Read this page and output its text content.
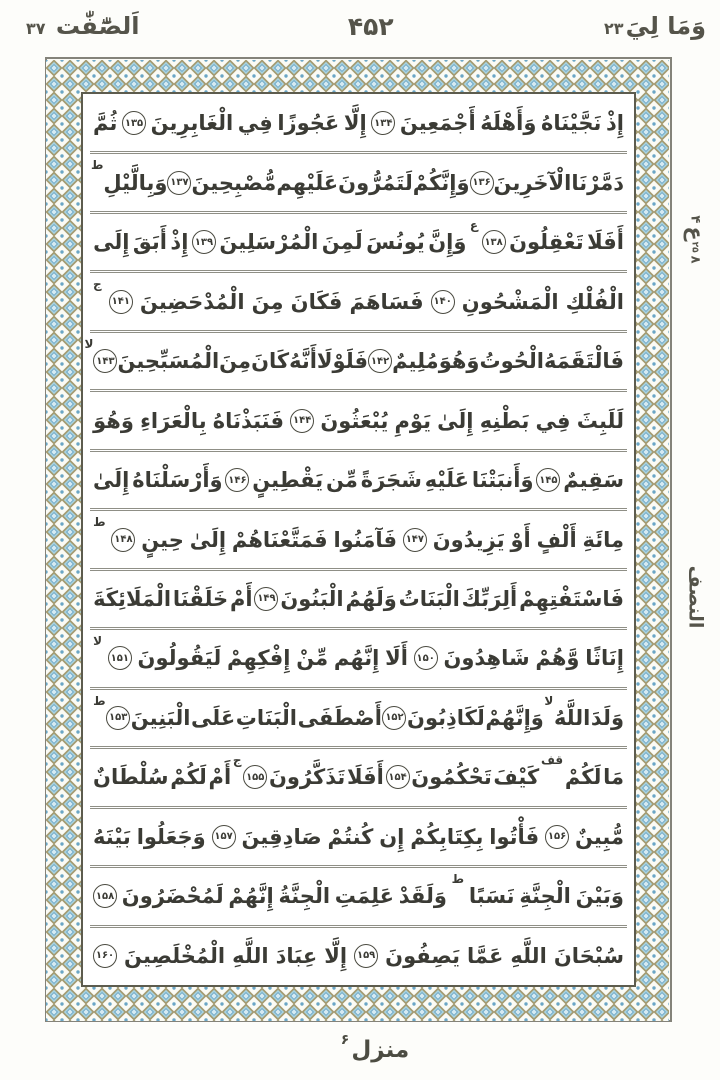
وَمَا لِيَ۲۳
۴۵۲
اَلصّٰٓفّٰت ۳۷
إِذْ
نَجَّيْنَاهُ
وَأَهْلَهُ
أَجْمَعِينَ
۱۳۴
إِلَّا
عَجُوزًا
فِي
الْغَابِرِينَ
۱۳۵
ثُمَّ
دَمَّرْنَا
الْآخَرِينَ
۱۳۶
وَإِنَّكُمْ
لَتَمُرُّونَ
عَلَيْهِم
مُّصْبِحِينَ
۱۳۷
وَبِالَّيْلِ
ط
أَفَلَا
تَعْقِلُونَ
۱۳۸
ع
وَإِنَّ
يُونُسَ
لَمِنَ
الْمُرْسَلِينَ
۱۳۹
إِذْ
أَبَقَ
إِلَى
الْفُلْكِ
الْمَشْحُونِ
۱۴۰
فَسَاهَمَ
فَكَانَ
مِنَ
الْمُدْحَضِينَ
۱۴۱
ج
فَالْتَقَمَهُ
الْحُوتُ
وَهُوَ
مُلِيمٌ
۱۴۲
فَلَوْلَا
أَنَّهُ
كَانَ
مِنَ
الْمُسَبِّحِينَ
۱۴۳
لا
لَلَبِثَ
فِي
بَطْنِهِ
إِلَىٰ
يَوْمِ
يُبْعَثُونَ
۱۴۴
فَنَبَذْنَاهُ
بِالْعَرَاءِ
وَهُوَ
سَقِيمٌ
۱۴۵
وَأَنبَتْنَا
عَلَيْهِ
شَجَرَةً
مِّن
يَقْطِينٍ
۱۴۶
وَأَرْسَلْنَاهُ
إِلَىٰ
مِائَةِ
أَلْفٍ
أَوْ
يَزِيدُونَ
۱۴۷
فَآمَنُوا
فَمَتَّعْنَاهُمْ
إِلَىٰ
حِينٍ
۱۴۸
ط
فَاسْتَفْتِهِمْ
أَلِرَبِّكَ
الْبَنَاتُ
وَلَهُمُ
الْبَنُونَ
۱۴۹
أَمْ
خَلَقْنَا
الْمَلَائِكَةَ
إِنَاثًا
وَّهُمْ
شَاهِدُونَ
۱۵۰
أَلَا
إِنَّهُم
مِّنْ
إِفْكِهِمْ
لَيَقُولُونَ
۱۵۱
لا
وَلَدَ
اللَّهُ
لا
وَإِنَّهُمْ
لَكَاذِبُونَ
۱۵۲
أَصْطَفَى
الْبَنَاتِ
عَلَى
الْبَنِينَ
۱۵۳
ط
مَا
لَكُمْ
قف
كَيْفَ
تَحْكُمُونَ
۱۵۴
أَفَلَا
تَذَكَّرُونَ
۱۵۵
ج
أَمْ
لَكُمْ
سُلْطَانٌ
مُّبِينٌ
۱۵۶
فَأْتُوا
بِكِتَابِكُمْ
إِن
كُنتُمْ
صَادِقِينَ
۱۵۷
وَجَعَلُوا
بَيْنَهُ
وَبَيْنَ
الْجِنَّةِ
نَسَبًا
ط
وَلَقَدْ
عَلِمَتِ
الْجِنَّةُ
إِنَّهُمْ
لَمُحْضَرُونَ
۱۵۸
سُبْحَانَ
اللَّهِ
عَمَّا
يَصِفُونَ
۱۵۹
إِلَّا
عِبَادَ
اللَّهِ
الْمُخْلَصِينَ
۱۶۰
۴
ع
۲۵
۸
النصف
منزل
۶
